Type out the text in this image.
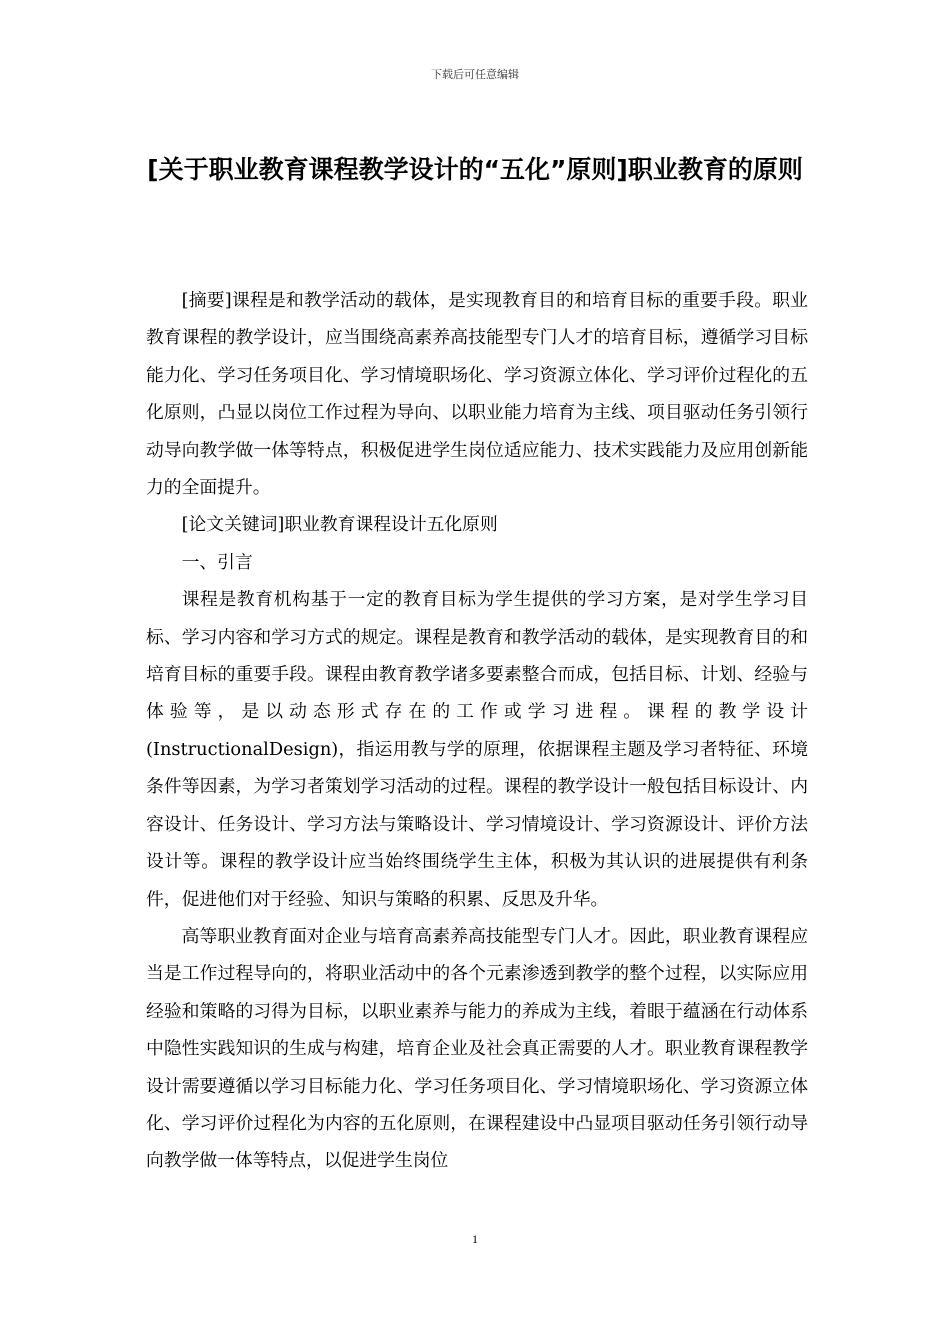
下载后可任意编辑
[关于职业教育课程教学设计的“五化”原则]职业教育的原则

[摘要]课程是和教学活动的载体，是实现教育目的和培育目标的重要手段。职业教育课程的教学设计，应当围绕高素养高技能型专门人才的培育目标，遵循学习目标能力化、学习任务项目化、学习情境职场化、学习资源立体化、学习评价过程化的五化原则，凸显以岗位工作过程为导向、以职业能力培育为主线、项目驱动任务引领行动导向教学做一体等特点，积极促进学生岗位适应能力、技术实践能力及应用创新能力的全面提升。

[论文关键词]职业教育课程设计五化原则

一、引言

课程是教育机构基于一定的教育目标为学生提供的学习方案，是对学生学习目标、学习内容和学习方式的规定。课程是教育和教学活动的载体，是实现教育目的和培育目标的重要手段。课程由教育教学诸多要素整合而成，包括目标、计划、经验与体验等，是以动态形式存在的工作或学习进程。课程的教学设计(InstructionalDesign)，指运用教与学的原理，依据课程主题及学习者特征、环境条件等因素，为学习者策划学习活动的过程。课程的教学设计一般包括目标设计、内容设计、任务设计、学习方法与策略设计、学习情境设计、学习资源设计、评价方法设计等。课程的教学设计应当始终围绕学生主体，积极为其认识的进展提供有利条件，促进他们对于经验、知识与策略的积累、反思及升华。

高等职业教育面对企业与培育高素养高技能型专门人才。因此，职业教育课程应当是工作过程导向的，将职业活动中的各个元素渗透到教学的整个过程，以实际应用经验和策略的习得为目标，以职业素养与能力的养成为主线，着眼于蕴涵在行动体系中隐性实践知识的生成与构建，培育企业及社会真正需要的人才。职业教育课程教学设计需要遵循以学习目标能力化、学习任务项目化、学习情境职场化、学习资源立体化、学习评价过程化为内容的五化原则，在课程建设中凸显项目驱动任务引领行动导向教学做一体等特点，以促进学生岗位

1
